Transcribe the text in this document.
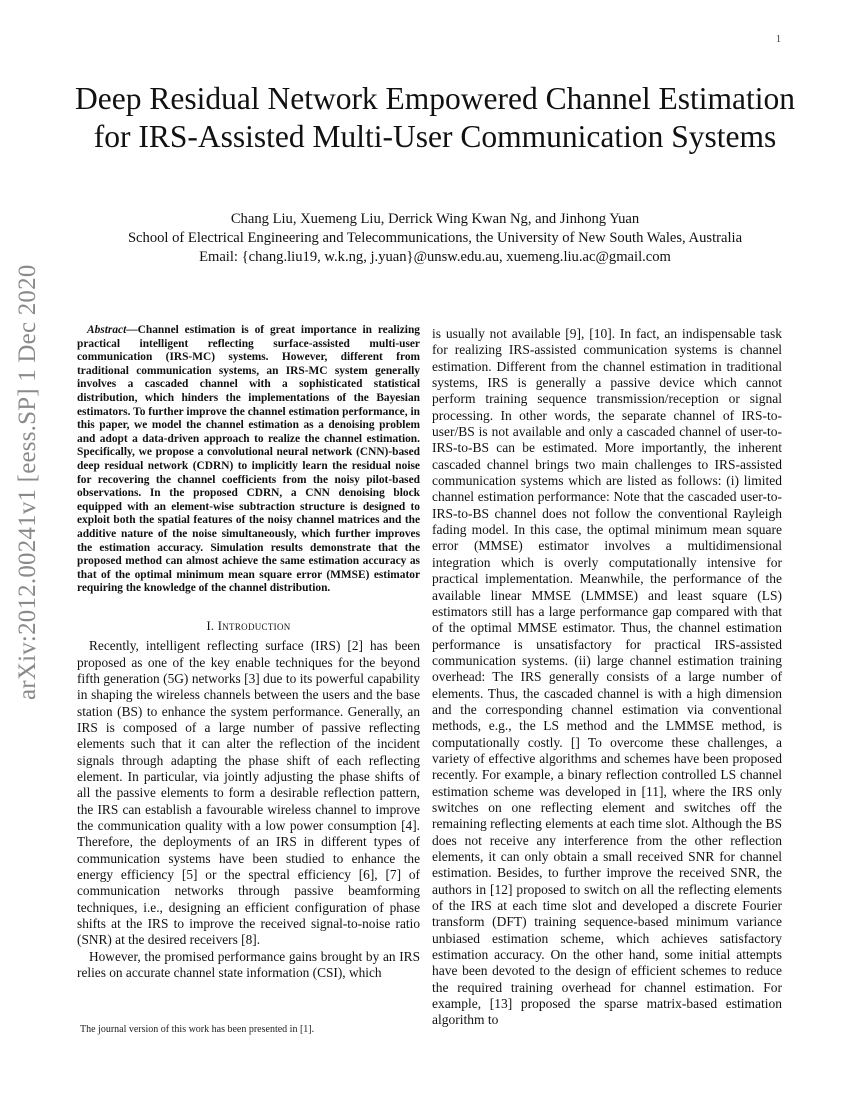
1
arXiv:2012.00241v1 [eess.SP] 1 Dec 2020
Deep Residual Network Empowered Channel Estimation for IRS-Assisted Multi-User Communication Systems
Chang Liu, Xuemeng Liu, Derrick Wing Kwan Ng, and Jinhong Yuan
School of Electrical Engineering and Telecommunications, the University of New South Wales, Australia
Email: {chang.liu19, w.k.ng, j.yuan}@unsw.edu.au, xuemeng.liu.ac@gmail.com

Abstract—Channel estimation is of great importance in realizing practical intelligent reflecting surface-assisted multi-user communication (IRS-MC) systems. However, different from traditional communication systems, an IRS-MC system generally involves a cascaded channel with a sophisticated statistical distribution, which hinders the implementations of the Bayesian estimators. To further improve the channel estimation performance, in this paper, we model the channel estimation as a denoising problem and adopt a data-driven approach to realize the channel estimation. Specifically, we propose a convolutional neural network (CNN)-based deep residual network (CDRN) to implicitly learn the residual noise for recovering the channel coefficients from the noisy pilot-based observations. In the proposed CDRN, a CNN denoising block equipped with an element-wise subtraction structure is designed to exploit both the spatial features of the noisy channel matrices and the additive nature of the noise simultaneously, which further improves the estimation accuracy. Simulation results demonstrate that the proposed method can almost achieve the same estimation accuracy as that of the optimal minimum mean square error (MMSE) estimator requiring the knowledge of the channel distribution.

I. Introduction

Recently, intelligent reflecting surface (IRS) [2] has been proposed as one of the key enable techniques for the beyond fifth generation (5G) networks [3] due to its powerful capability in shaping the wireless channels between the users and the base station (BS) to enhance the system performance. Generally, an IRS is composed of a large number of passive reflecting elements such that it can alter the reflection of the incident signals through adapting the phase shift of each reflecting element. In particular, via jointly adjusting the phase shifts of all the passive elements to form a desirable reflection pattern, the IRS can establish a favourable wireless channel to improve the communication quality with a low power consumption [4]. Therefore, the deployments of an IRS in different types of communication systems have been studied to enhance the energy efficiency [5] or the spectral efficiency [6], [7] of communication networks through passive beamforming techniques, i.e., designing an efficient configuration of phase shifts at the IRS to improve the received signal-to-noise ratio (SNR) at the desired receivers [8].

However, the promised performance gains brought by an IRS relies on accurate channel state information (CSI), which

is usually not available [9], [10]. In fact, an indispensable task for realizing IRS-assisted communication systems is channel estimation. Different from the channel estimation in traditional systems, IRS is generally a passive device which cannot perform training sequence transmission/reception or signal processing. In other words, the separate channel of IRS-to-user/BS is not available and only a cascaded channel of user-to-IRS-to-BS can be estimated. More importantly, the inherent cascaded channel brings two main challenges to IRS-assisted communication systems which are listed as follows: (i) limited channel estimation performance: Note that the cascaded user-to-IRS-to-BS channel does not follow the conventional Rayleigh fading model. In this case, the optimal minimum mean square error (MMSE) estimator involves a multidimensional integration which is overly computationally intensive for practical implementation. Meanwhile, the performance of the available linear MMSE (LMMSE) and least square (LS) estimators still has a large performance gap compared with that of the optimal MMSE estimator. Thus, the channel estimation performance is unsatisfactory for practical IRS-assisted communication systems. (ii) large channel estimation training overhead: The IRS generally consists of a large number of elements. Thus, the cascaded channel is with a high dimension and the corresponding channel estimation via conventional methods, e.g., the LS method and the LMMSE method, is computationally costly. [] To overcome these challenges, a variety of effective algorithms and schemes have been proposed recently. For example, a binary reflection controlled LS channel estimation scheme was developed in [11], where the IRS only switches on one reflecting element and switches off the remaining reflecting elements at each time slot. Although the BS does not receive any interference from the other reflection elements, it can only obtain a small received SNR for channel estimation. Besides, to further improve the received SNR, the authors in [12] proposed to switch on all the reflecting elements of the IRS at each time slot and developed a discrete Fourier transform (DFT) training sequence-based minimum variance unbiased estimation scheme, which achieves satisfactory estimation accuracy. On the other hand, some initial attempts have been devoted to the design of efficient schemes to reduce the required training overhead for channel estimation. For example, [13] proposed the sparse matrix-based estimation algorithm to

The journal version of this work has been presented in [1].
